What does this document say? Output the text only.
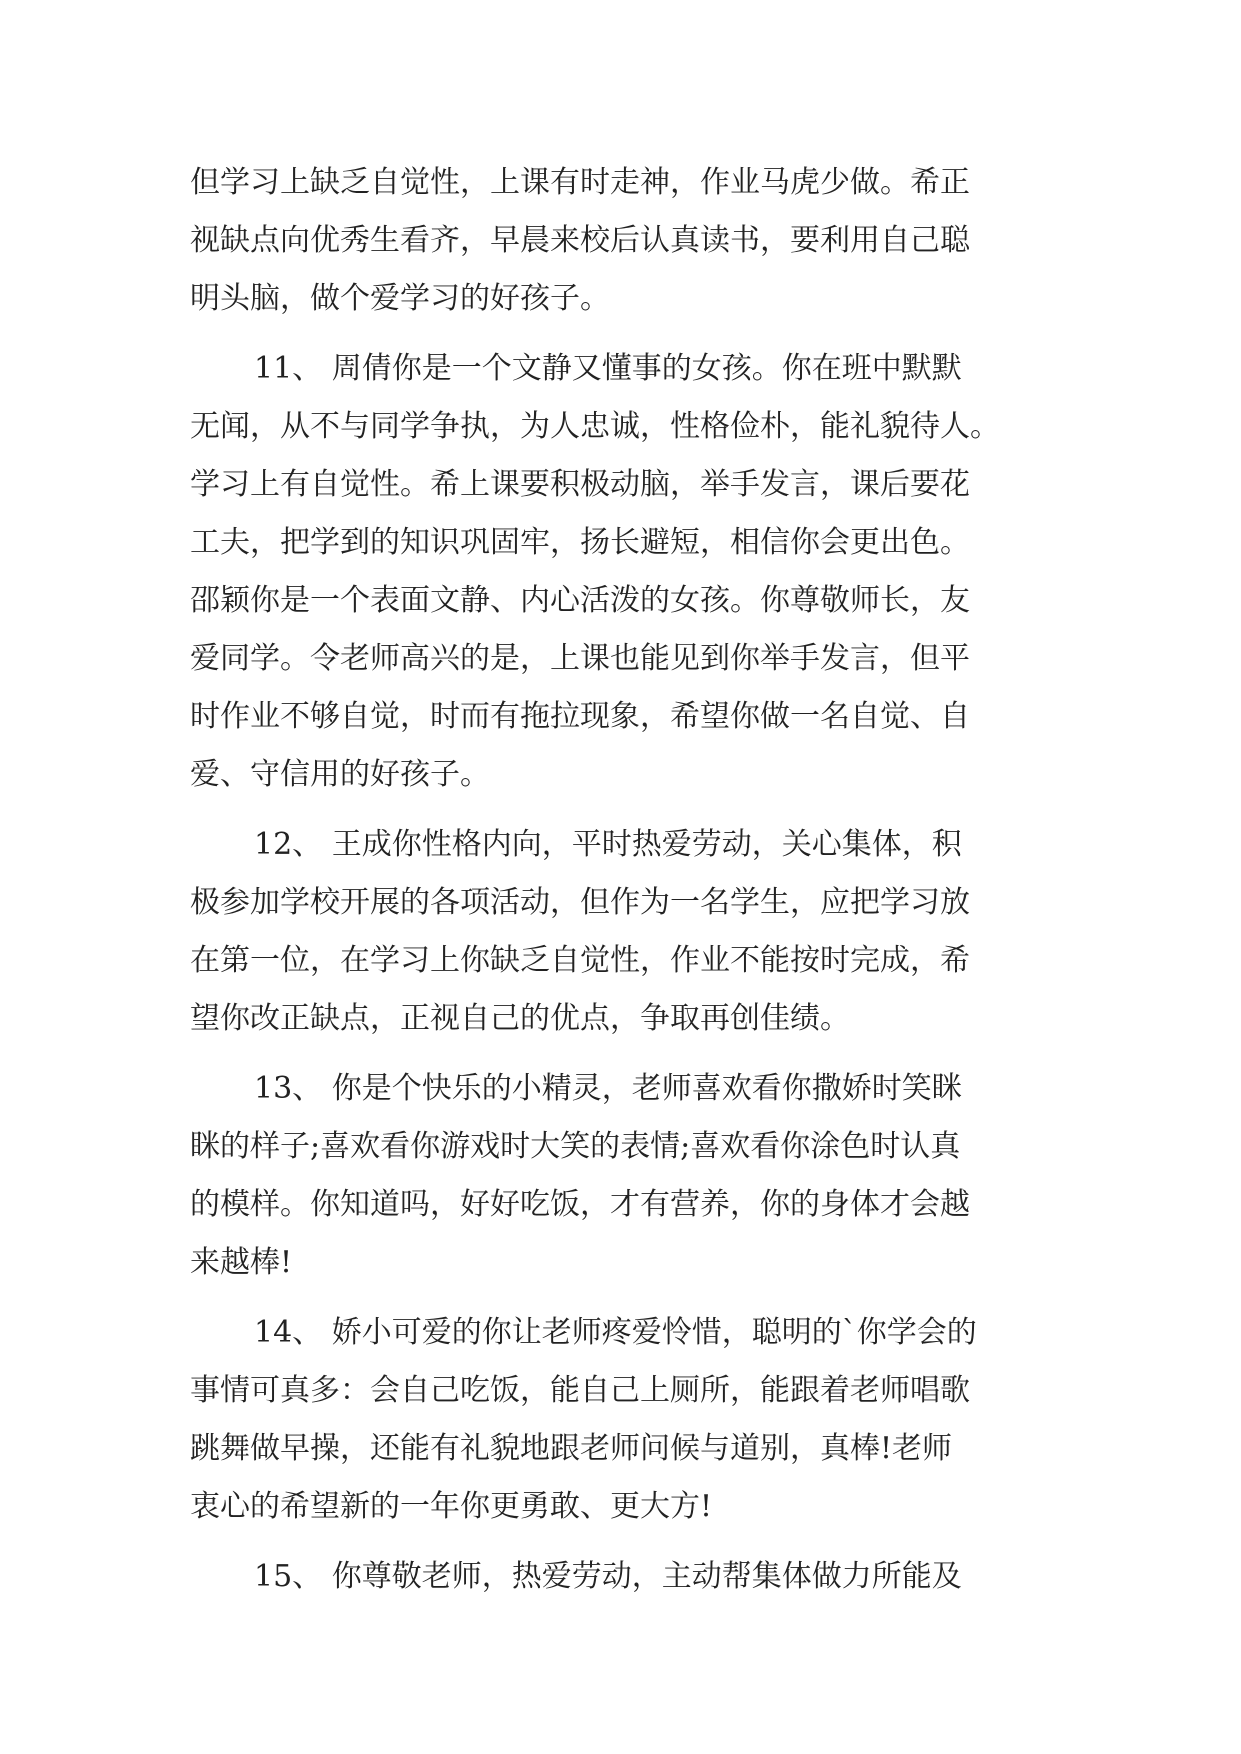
但学习上缺乏自觉性，上课有时走神，作业马虎少做。希正
视缺点向优秀生看齐，早晨来校后认真读书，要利用自己聪
明头脑，做个爱学习的好孩子。
11、 周倩你是一个文静又懂事的女孩。你在班中默默
无闻，从不与同学争执，为人忠诚，性格俭朴，能礼貌待人。
学习上有自觉性。希上课要积极动脑，举手发言，课后要花
工夫，把学到的知识巩固牢，扬长避短，相信你会更出色。
邵颖你是一个表面文静、内心活泼的女孩。你尊敬师长，友
爱同学。令老师高兴的是，上课也能见到你举手发言，但平
时作业不够自觉，时而有拖拉现象，希望你做一名自觉、自
爱、守信用的好孩子。
12、 王成你性格内向，平时热爱劳动，关心集体，积
极参加学校开展的各项活动，但作为一名学生，应把学习放
在第一位，在学习上你缺乏自觉性，作业不能按时完成，希
望你改正缺点，正视自己的优点，争取再创佳绩。
13、 你是个快乐的小精灵，老师喜欢看你撒娇时笑眯
眯的样子;喜欢看你游戏时大笑的表情;喜欢看你涂色时认真
的模样。你知道吗，好好吃饭，才有营养，你的身体才会越
来越棒!
14、 娇小可爱的你让老师疼爱怜惜，聪明的`你学会的
事情可真多：会自己吃饭，能自己上厕所，能跟着老师唱歌
跳舞做早操，还能有礼貌地跟老师问候与道别，真棒!老师
衷心的希望新的一年你更勇敢、更大方!
15、 你尊敬老师，热爱劳动，主动帮集体做力所能及
